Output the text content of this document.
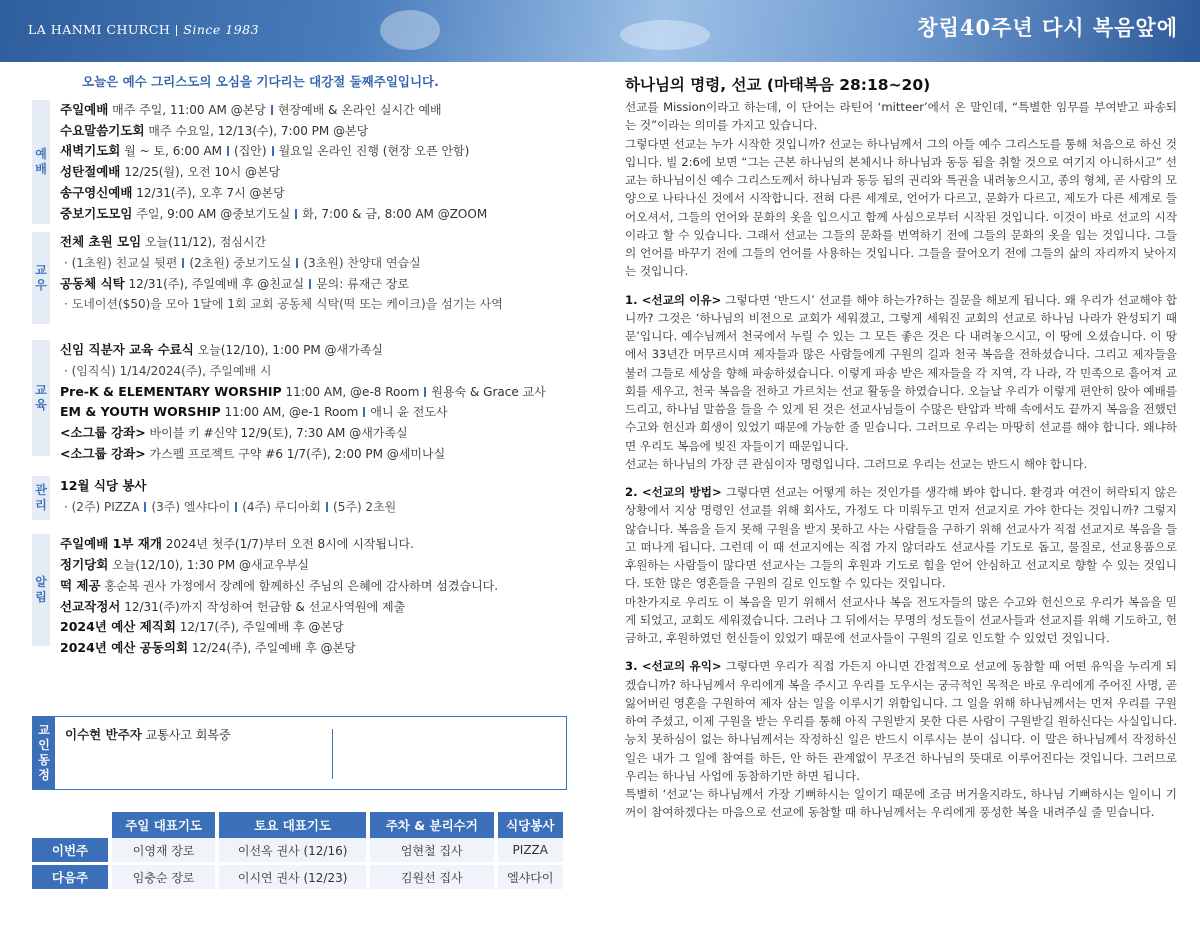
LA HANMI CHURCH Since 1983	창립40주년 다시 복음앞에
오늘은 예수 그리스도의 오심을 기다리는 대강절 둘째주일입니다.
예
배
주일예배 매주 주일, 11:00 AM @본당 현장예배 & 온라인 실시간 예배
수요말씀기도회 매주 수요일, 12/13(수), 7:00 PM @본당
새벽기도회 월 ~ 토, 6:00 AM (집안) 월요일 온라인 진행 (현장 오픈 안함)
성탄절예배 12/25(월), 오전 10시 @본당
송구영신예배 12/31(주), 오후 7시 @본당
중보기도모임 주일, 9:00 AM @중보기도실 화, 7:00 & 금, 8:00 AM @ZOOM
교
우
전체 초원 모임 오늘(11/12), 점심시간
· (1초원) 친교실 뒷편 (2초원) 중보기도실 (3초원) 찬양대 연습실
공동체 식탁 12/31(주), 주일예배 후 @친교실 문의: 류재근 장로
· 도네이션($50)을 모아 1달에 1회 교회 공동체 식탁(떡 또는 케이크)을 섬기는 사역
교
육
신임 직분자 교육 수료식 오늘(12/10), 1:00 PM @새가족실
· (임직식) 1/14/2024(주), 주일예배 시
Pre-K & ELEMENTARY WORSHIP 11:00 AM, @e-8 Room 원용숙 & Grace 교사
EM & YOUTH WORSHIP 11:00 AM, @e-1 Room 애니 윤 전도사
<소그룹 강좌> 바이블 키 #신약 12/9(토), 7:30 AM @새가족실
<소그룹 강좌> 가스펠 프로젝트 구약 #6 1/7(주), 2:00 PM @세미나실
관
리
12월 식당 봉사
· (2주) PIZZA (3주) 엘샤다이 (4주) 루디아회 (5주) 2초원
알
림
주일예배 1부 재개 2024년 첫주(1/7)부터 오전 8시에 시작됩니다.
정기당회 오늘(12/10), 1:30 PM @새교우부실
떡 제공 홍순복 권사 가정에서 장례에 함께하신 주님의 은혜에 감사하며 섬겼습니다.
선교작정서 12/31(주)까지 작성하여 헌금함 & 선교사역원에 제출
2024년 예산 제직회 12/17(주), 주일예배 후 @본당
2024년 예산 공동의회 12/24(주), 주일예배 후 @본당
교
인
동
정
이수현 반주자 교통사고 회복중
	주일 대표기도	토요 대표기도	주차 & 분리수거	식당봉사
이번주	이영재 장로	이선옥 권사 (12/16)	엄현철 집사	PIZZA
다음주	임충순 장로	이시연 권사 (12/23)	김원선 집사	엘샤다이
하나님의 명령, 선교 (마태복음 28:18~20)

선교를 Mission이라고 하는데, 이 단어는 라틴어 ‘mitteer’에서 온 말인데, “특별한 임무를 부여받고 파송되는 것”이라는 의미를 가지고 있습니다.
그렇다면 선교는 누가 시작한 것입니까? 선교는 하나님께서 그의 아들 예수 그리스도를 통해 처음으로 하신 것입니다. 빌 2:6에 보면 “그는 근본 하나님의 본체시나 하나님과 동등 됨을 취할 것으로 여기지 아니하시고” 선교는 하나님이신 예수 그리스도께서 하나님과 동등 됨의 권리와 특권을 내려놓으시고, 종의 형체, 곧 사람의 모양으로 나타나신 것에서 시작합니다. 전혀 다른 세계로, 언어가 다르고, 문화가 다르고, 제도가 다른 세계로 들어오셔서, 그들의 언어와 문화의 옷을 입으시고 함께 사심으로부터 시작된 것입니다. 이것이 바로 선교의 시작이라고 할 수 있습니다. 그래서 선교는 그들의 문화를 번역하기 전에 그들의 문화의 옷을 입는 것입니다. 그들의 언어를 바꾸기 전에 그들의 언어를 사용하는 것입니다. 그들을 끌어오기 전에 그들의 삶의 자리까지 낮아지는 것입니다.

1. <선교의 이유> 그렇다면 ‘반드시’ 선교를 해야 하는가?하는 질문을 해보게 됩니다. 왜 우리가 선교해야 합니까? 그것은 ‘하나님의 비전으로 교회가 세워졌고, 그렇게 세워진 교회의 선교로 하나님 나라가 완성되기 때문’입니다. 예수님께서 천국에서 누릴 수 있는 그 모든 좋은 것은 다 내려놓으시고, 이 땅에 오셨습니다. 이 땅에서 33년간 머무르시며 제자들과 많은 사람들에게 구원의 길과 천국 복음을 전하셨습니다. 그리고 제자들을 불러 그들로 세상을 향해 파송하셨습니다. 이렇게 파송 받은 제자들을 각 지역, 각 나라, 각 민족으로 흩어져 교회를 세우고, 천국 복음을 전하고 가르치는 선교 활동을 하였습니다. 오늘날 우리가 이렇게 편안히 앉아 예배를 드리고, 하나님 말씀을 들을 수 있게 된 것은 선교사님들이 수많은 탄압과 박해 속에서도 끝까지 복음을 전했던 수고와 헌신과 희생이 있었기 때문에 가능한 줄 믿습니다. 그러므로 우리는 마땅히 선교를 해야 합니다. 왜냐하면 우리도 복음에 빚진 자들이기 때문입니다.
선교는 하나님의 가장 큰 관심이자 명령입니다. 그러므로 우리는 선교는 반드시 해야 합니다.

2. <선교의 방법> 그렇다면 선교는 어떻게 하는 것인가를 생각해 봐야 합니다. 환경과 여건이 허락되지 않은 상황에서 지상 명령인 선교를 위해 회사도, 가정도 다 미뤄두고 먼저 선교지로 가야 한다는 것입니까? 그렇지 않습니다. 복음을 듣지 못해 구원을 받지 못하고 사는 사람들을 구하기 위해 선교사가 직접 선교지로 복음을 들고 떠나게 됩니다. 그런데 이 때 선교지에는 직접 가지 않더라도 선교사를 기도로 돕고, 물질로, 선교용품으로 후원하는 사람들이 많다면 선교사는 그들의 후원과 기도로 힘을 얻어 안심하고 선교지로 향할 수 있는 것입니다. 또한 많은 영혼들을 구원의 길로 인도할 수 있다는 것입니다.
마찬가지로 우리도 이 복음을 믿기 위해서 선교사나 복음 전도자들의 많은 수고와 헌신으로 우리가 복음을 믿게 되었고, 교회도 세워졌습니다. 그러나 그 뒤에서는 무명의 성도들이 선교사들과 선교지를 위해 기도하고, 헌금하고, 후원하였던 헌신들이 있었기 때문에 선교사들이 구원의 길로 인도할 수 있었던 것입니다.

3. <선교의 유익> 그렇다면 우리가 직접 가든지 아니면 간접적으로 선교에 동참할 때 어떤 유익을 누리게 되겠습니까? 하나님께서 우리에게 복을 주시고 우리를 도우시는 궁극적인 목적은 바로 우리에게 주어진 사명, 곧 잃어버린 영혼을 구원하여 제자 삼는 일을 이루시기 위함입니다. 그 일을 위해 하나님께서는 먼저 우리를 구원하여 주셨고, 이제 구원을 받는 우리를 통해 아직 구원받지 못한 다른 사람이 구원받길 원하신다는 사실입니다. 능치 못하심이 없는 하나님께서는 작정하신 일은 반드시 이루시는 분이 십니다. 이 말은 하나님께서 작정하신 일은 내가 그 일에 참여를 하든, 안 하든 관계없이 무조건 하나님의 뜻대로 이루어진다는 것입니다. 그러므로 우리는 하나님 사업에 동참하기만 하면 됩니다.
특별히 ‘선교’는 하나님께서 가장 기뻐하시는 일이기 때문에 조금 버거울지라도, 하나님 기뻐하시는 일이니 기꺼이 참여하겠다는 마음으로 선교에 동참할 때 하나님께서는 우리에게 풍성한 복을 내려주실 줄 믿습니다.
